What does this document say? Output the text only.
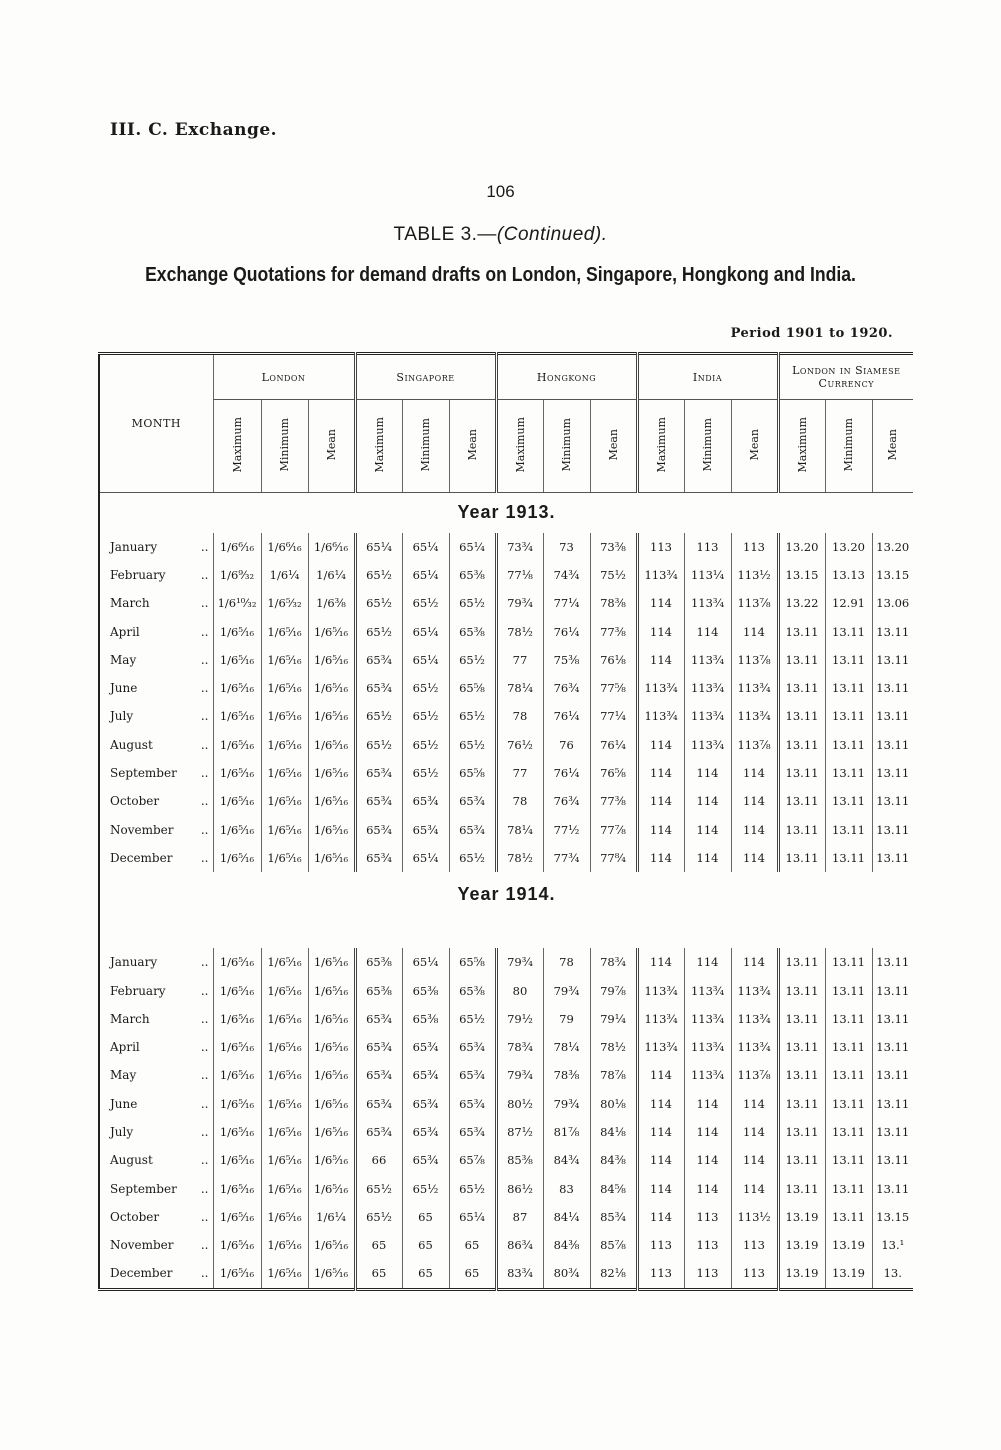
III. C. Exchange.
106
TABLE 3.—(Continued).
Exchange Quotations for demand drafts on London, Singapore, Hongkong and India.
Period 1901 to 1920.
MONTH	London			Singapore			Hongkong			India			London in Siamese Currency		
	Maximum	Minimum	Mean	Maximum	Minimum	Mean	Maximum	Minimum	Mean	Maximum	Minimum	Mean	Maximum	Minimum	Mean
Year 1913.															
January ..	1/6⁶⁄₁₆	1/6⁶⁄₁₆	1/6⁶⁄₁₆	65¹⁄₄	65¹⁄₄	65¹⁄₄	73³⁄₄	73	73³⁄₈	113	113	113	13.20	13.20	13.20
February ..	1/6⁹⁄₃₂	1/6¹⁄₄	1/6¹⁄₄	65¹⁄₂	65¹⁄₄	65³⁄₈	77¹⁄₈	74³⁄₄	75¹⁄₂	113³⁄₄	113¹⁄₄	113¹⁄₂	13.15	13.13	13.15
March ..	1/6¹⁰⁄₃₂	1/6⁵⁄₃₂	1/6³⁄₈	65¹⁄₂	65¹⁄₂	65¹⁄₂	79³⁄₄	77¹⁄₄	78³⁄₈	114	113³⁄₄	113⁷⁄₈	13.22	12.91	13.06
April ..	1/6⁵⁄₁₆	1/6⁵⁄₁₆	1/6⁵⁄₁₆	65¹⁄₂	65¹⁄₄	65³⁄₈	78¹⁄₂	76¹⁄₄	77³⁄₈	114	114	114	13.11	13.11	13.11
May ..	1/6⁵⁄₁₆	1/6⁵⁄₁₆	1/6⁵⁄₁₆	65³⁄₄	65¹⁄₄	65¹⁄₂	77	75³⁄₈	76¹⁄₈	114	113³⁄₄	113⁷⁄₈	13.11	13.11	13.11
June ..	1/6⁵⁄₁₆	1/6⁵⁄₁₆	1/6⁵⁄₁₆	65³⁄₄	65¹⁄₂	65⁵⁄₈	78¹⁄₄	76³⁄₄	77⁵⁄₈	113³⁄₄	113³⁄₄	113³⁄₄	13.11	13.11	13.11
July ..	1/6⁵⁄₁₆	1/6⁵⁄₁₆	1/6⁵⁄₁₆	65¹⁄₂	65¹⁄₂	65¹⁄₂	78	76¹⁄₄	77¹⁄₄	113³⁄₄	113³⁄₄	113³⁄₄	13.11	13.11	13.11
August ..	1/6⁵⁄₁₆	1/6⁵⁄₁₆	1/6⁵⁄₁₆	65¹⁄₂	65¹⁄₂	65¹⁄₂	76¹⁄₂	76	76¹⁄₄	114	113³⁄₄	113⁷⁄₈	13.11	13.11	13.11
September ..	1/6⁵⁄₁₆	1/6⁵⁄₁₆	1/6⁵⁄₁₆	65³⁄₄	65¹⁄₂	65⁵⁄₈	77	76¹⁄₄	76⁵⁄₈	114	114	114	13.11	13.11	13.11
October ..	1/6⁵⁄₁₆	1/6⁵⁄₁₆	1/6⁵⁄₁₆	65³⁄₄	65³⁄₄	65³⁄₄	78	76³⁄₄	77³⁄₈	114	114	114	13.11	13.11	13.11
November ..	1/6⁵⁄₁₆	1/6⁵⁄₁₆	1/6⁵⁄₁₆	65³⁄₄	65³⁄₄	65³⁄₄	78¹⁄₄	77¹⁄₂	77⁷⁄₈	114	114	114	13.11	13.11	13.11
December ..	1/6⁵⁄₁₆	1/6⁵⁄₁₆	1/6⁵⁄₁₆	65³⁄₄	65¹⁄₄	65¹⁄₂	78¹⁄₂	77³⁄₄	77⁸⁄₄	114	114	114	13.11	13.11	13.11
Year 1914.															

January ..	1/6⁵⁄₁₆	1/6⁵⁄₁₆	1/6⁵⁄₁₆	65³⁄₈	65¹⁄₄	65⁵⁄₈	79³⁄₄	78	78³⁄₄	114	114	114	13.11	13.11	13.11
February ..	1/6⁵⁄₁₆	1/6⁵⁄₁₆	1/6⁵⁄₁₆	65³⁄₈	65³⁄₈	65³⁄₈	80	79³⁄₄	79⁷⁄₈	113³⁄₄	113³⁄₄	113³⁄₄	13.11	13.11	13.11
March ..	1/6⁵⁄₁₆	1/6⁵⁄₁₆	1/6⁵⁄₁₆	65³⁄₄	65³⁄₈	65¹⁄₂	79¹⁄₂	79	79¹⁄₄	113³⁄₄	113³⁄₄	113³⁄₄	13.11	13.11	13.11
April ..	1/6⁵⁄₁₆	1/6⁵⁄₁₆	1/6⁵⁄₁₆	65³⁄₄	65³⁄₄	65³⁄₄	78³⁄₄	78¹⁄₄	78¹⁄₂	113³⁄₄	113³⁄₄	113³⁄₄	13.11	13.11	13.11
May ..	1/6⁵⁄₁₆	1/6⁵⁄₁₆	1/6⁵⁄₁₆	65³⁄₄	65³⁄₄	65³⁄₄	79³⁄₄	78³⁄₈	78⁷⁄₈	114	113³⁄₄	113⁷⁄₈	13.11	13.11	13.11
June ..	1/6⁵⁄₁₆	1/6⁵⁄₁₆	1/6⁵⁄₁₆	65³⁄₄	65³⁄₄	65³⁄₄	80¹⁄₂	79³⁄₄	80¹⁄₈	114	114	114	13.11	13.11	13.11
July ..	1/6⁵⁄₁₆	1/6⁵⁄₁₆	1/6⁵⁄₁₆	65³⁄₄	65³⁄₄	65³⁄₄	87¹⁄₂	81⁷⁄₈	84¹⁄₈	114	114	114	13.11	13.11	13.11
August ..	1/6⁵⁄₁₆	1/6⁵⁄₁₆	1/6⁵⁄₁₆	66	65³⁄₄	65⁷⁄₈	85³⁄₈	84³⁄₄	84³⁄₈	114	114	114	13.11	13.11	13.11
September ..	1/6⁵⁄₁₆	1/6⁵⁄₁₆	1/6⁵⁄₁₆	65¹⁄₂	65¹⁄₂	65¹⁄₂	86¹⁄₂	83	84⁵⁄₈	114	114	114	13.11	13.11	13.11
October ..	1/6⁵⁄₁₆	1/6⁵⁄₁₆	1/6¹⁄₄	65¹⁄₂	65	65¹⁄₄	87	84¹⁄₄	85³⁄₄	114	113	113¹⁄₂	13.19	13.11	13.15
November ..	1/6⁵⁄₁₆	1/6⁵⁄₁₆	1/6⁵⁄₁₆	65	65	65	86³⁄₄	84³⁄₈	85⁷⁄₈	113	113	113	13.19	13.19	13.¹
December ..	1/6⁵⁄₁₆	1/6⁵⁄₁₆	1/6⁵⁄₁₆	65	65	65	83³⁄₄	80³⁄₄	82¹⁄₈	113	113	113	13.19	13.19	13.
